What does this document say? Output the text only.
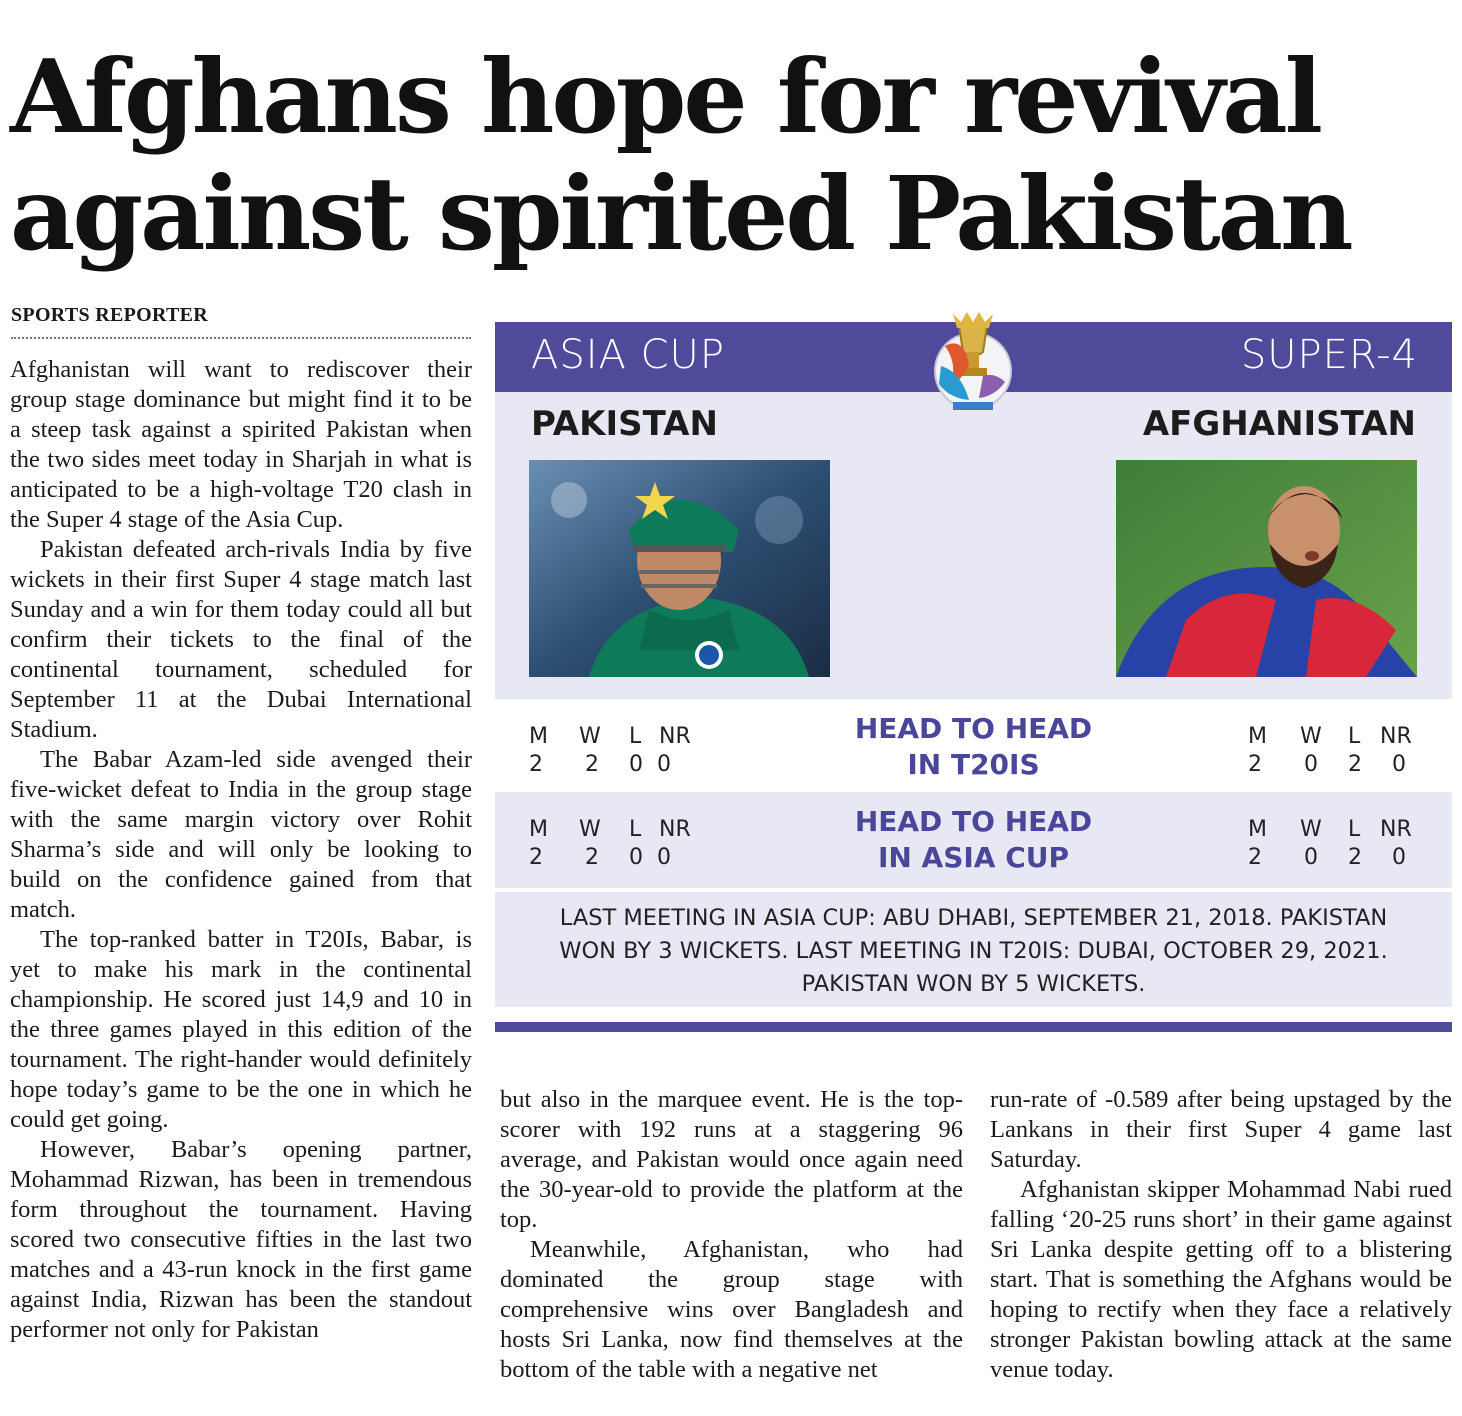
Afghans hope for revival
against spirited Pakistan
SPORTS REPORTER

Afghanistan will want to rediscover their group stage dominance but might find it to be a steep task against a spirited Pakistan when the two sides meet today in Sharjah in what is anticipated to be a high-voltage T20 clash in the Super 4 stage of the Asia Cup.

Pakistan defeated arch-rivals India by five wickets in their first Super 4 stage match last Sunday and a win for them today could all but confirm their tickets to the final of the continental tournament, scheduled for September 11 at the Dubai International Stadium.

The Babar Azam-led side avenged their five-wicket defeat to India in the group stage with the same margin victory over Rohit Sharma’s side and will only be looking to build on the confidence gained from that match.

The top-ranked batter in T20Is, Babar, is yet to make his mark in the continental championship. He scored just 14,9 and 10 in the three games played in this edition of the tournament. The right-hander would definitely hope today’s game to be the one in which he could get going.

However, Babar’s opening partner, Mohammad Rizwan, has been in tremendous form throughout the tournament. Having scored two consecutive fifties in the last two matches and a 43-run knock in the first game against India, Rizwan has been the standout performer not only for Pakistan

ASIA CUP	SUPER-4
PAKISTAN	AFGHANISTAN
M W L NR
2 2 0 0
HEAD TO HEAD
IN T20IS
M W L NR
2 0 2 0
M W L NR
2 2 0 0
HEAD TO HEAD
IN ASIA CUP
M W L NR
2 0 2 0

LAST MEETING IN ASIA CUP: ABU DHABI, SEPTEMBER 21, 2018. PAKISTAN WON BY 3 WICKETS. LAST MEETING IN T20IS: DUBAI, OCTOBER 29, 2021. PAKISTAN WON BY 5 WICKETS.

but also in the marquee event. He is the top-scorer with 192 runs at a staggering 96 average, and Pakistan would once again need the 30-year-old to provide the platform at the top.

Meanwhile, Afghanistan, who had dominated the group stage with comprehensive wins over Bangladesh and hosts Sri Lanka, now find themselves at the bottom of the table with a negative net

run-rate of -0.589 after being upstaged by the Lankans in their first Super 4 game last Saturday.

Afghanistan skipper Mohammad Nabi rued falling ‘20-25 runs short’ in their game against Sri Lanka despite getting off to a blistering start. That is something the Afghans would be hoping to rectify when they face a relatively stronger Pakistan bowling attack at the same venue today.
